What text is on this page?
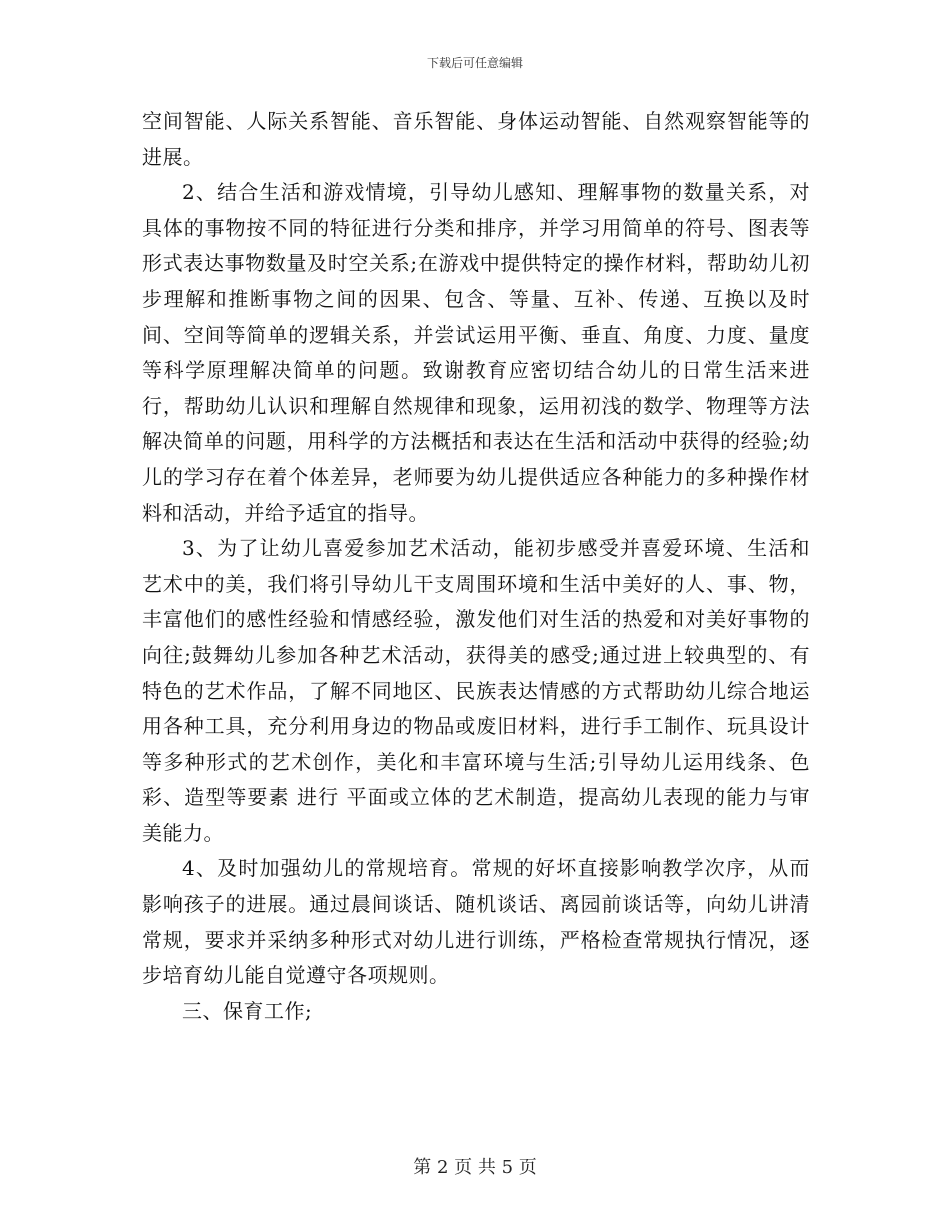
下载后可任意编辑

空间智能、人际关系智能、音乐智能、身体运动智能、自然观察智能等的进展。

2、结合生活和游戏情境，引导幼儿感知、理解事物的数量关系，对具体的事物按不同的特征进行分类和排序，并学习用简单的符号、图表等形式表达事物数量及时空关系;在游戏中提供特定的操作材料，帮助幼儿初步理解和推断事物之间的因果、包含、等量、互补、传递、互换以及时间、空间等简单的逻辑关系，并尝试运用平衡、垂直、角度、力度、量度等科学原理解决简单的问题。致谢教育应密切结合幼儿的日常生活来进行，帮助幼儿认识和理解自然规律和现象，运用初浅的数学、物理等方法解决简单的问题，用科学的方法概括和表达在生活和活动中获得的经验;幼儿的学习存在着个体差异，老师要为幼儿提供适应各种能力的多种操作材料和活动，并给予适宜的指导。

3、为了让幼儿喜爱参加艺术活动，能初步感受并喜爱环境、生活和艺术中的美，我们将引导幼儿干支周围环境和生活中美好的人、事、物，丰富他们的感性经验和情感经验，激发他们对生活的热爱和对美好事物的向往;鼓舞幼儿参加各种艺术活动，获得美的感受;通过进上较典型的、有特色的艺术作品，了解不同地区、民族表达情感的方式帮助幼儿综合地运用各种工具，充分利用身边的物品或废旧材料，进行手工制作、玩具设计等多种形式的艺术创作，美化和丰富环境与生活;引导幼儿运用线条、色彩、造型等要素 进行 平面或立体的艺术制造，提高幼儿表现的能力与审美能力。

4、及时加强幼儿的常规培育。常规的好坏直接影响教学次序，从而影响孩子的进展。通过晨间谈话、随机谈话、离园前谈话等，向幼儿讲清常规，要求并采纳多种形式对幼儿进行训练，严格检查常规执行情况，逐步培育幼儿能自觉遵守各项规则。

三、保育工作;

第 2 页 共 5 页
